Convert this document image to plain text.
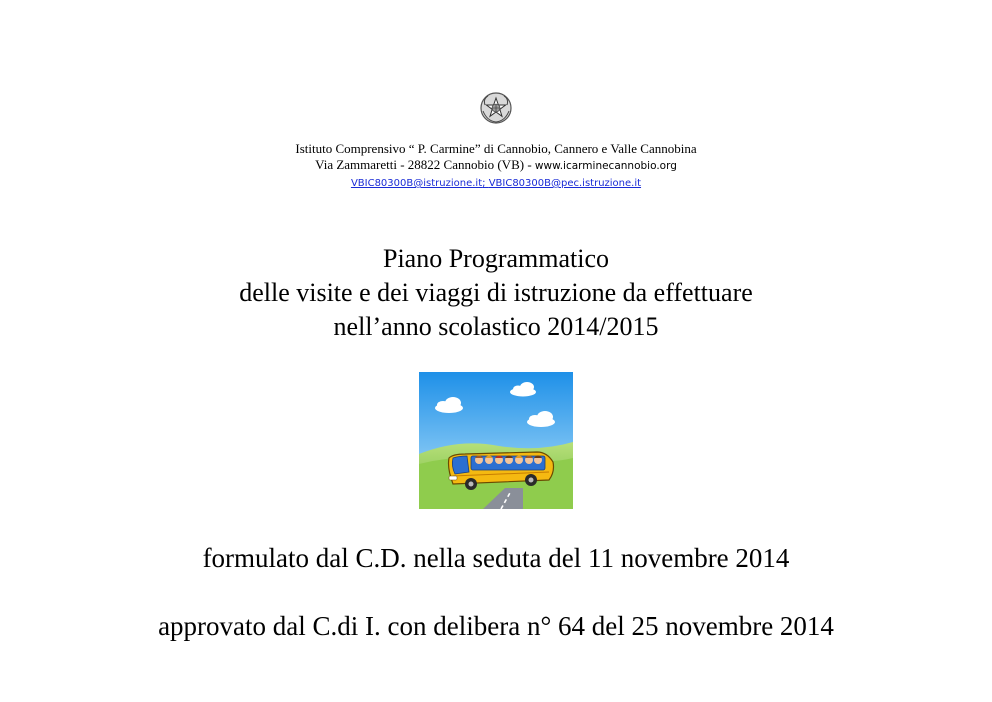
Istituto Comprensivo “ P. Carmine” di Cannobio, Cannero e Valle Cannobina
Via Zammaretti - 28822 Cannobio (VB) - www.icarminecannobio.org
VBIC80300B@istruzione.it; VBIC80300B@pec.istruzione.it
Piano Programmatico
delle visite e dei viaggi di istruzione da effettuare
nell’anno scolastico 2014/2015
formulato dal C.D. nella seduta del 11 novembre 2014
approvato dal C.di I. con delibera n° 64 del 25 novembre 2014
